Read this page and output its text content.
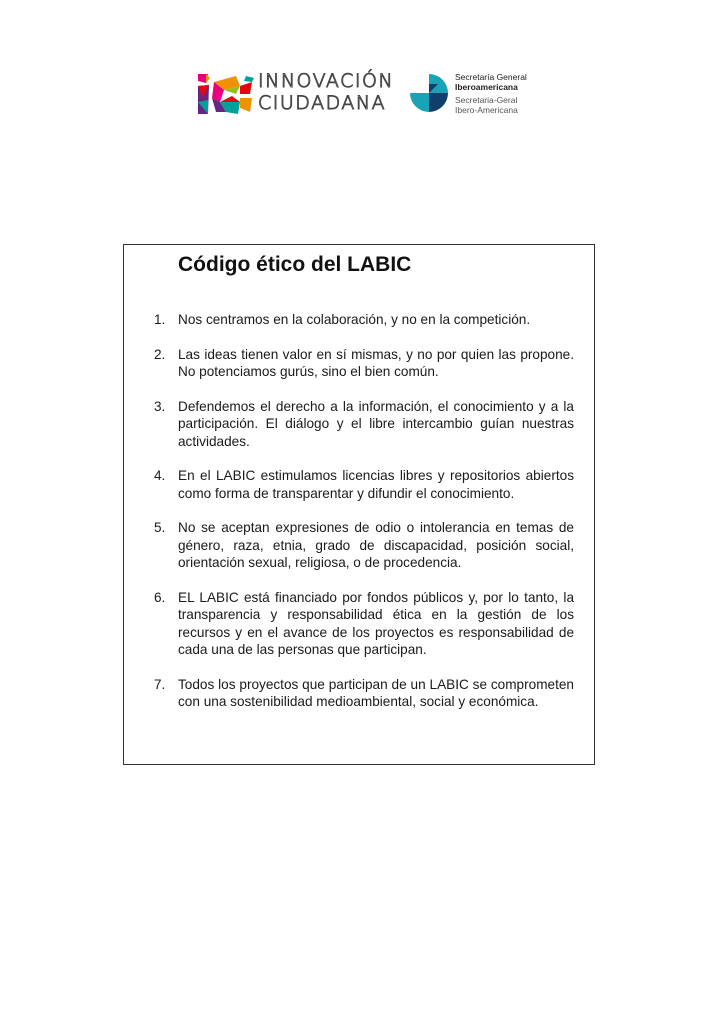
INNOVACIÓN
CIUDADANA
Secretaría General
Iberoamericana
Secretaria-Geral
Ibero-Americana
Código ético del LABIC
1. Nos centramos en la colaboración, y no en la competición.
2. Las ideas tienen valor en sí mismas, y no por quien las propone. No potenciamos gurús, sino el bien común.
3. Defendemos el derecho a la información, el conocimiento y a la participación. El diálogo y el libre intercambio guían nuestras actividades.
4. En el LABIC estimulamos licencias libres y repositorios abiertos como forma de transparentar y difundir el conocimiento.
5. No se aceptan expresiones de odio o intolerancia en temas de género, raza, etnia, grado de discapacidad, posición social, orientación sexual, religiosa, o de procedencia.
6. EL LABIC está financiado por fondos públicos y, por lo tanto, la transparencia y responsabilidad ética en la gestión de los recursos y en el avance de los proyectos es responsabilidad de cada una de las personas que participan.
7. Todos los proyectos que participan de un LABIC se comprometen con una sostenibilidad medioambiental, social y económica.
